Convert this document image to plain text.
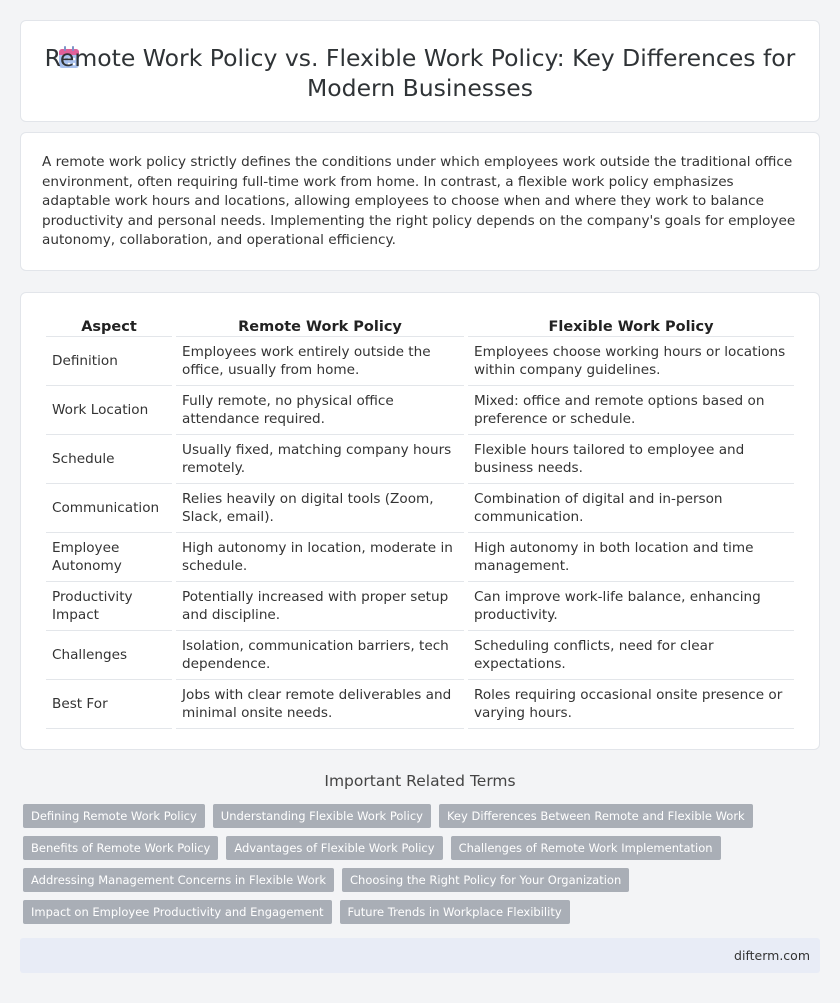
Remote Work Policy vs. Flexible Work Policy: Key Differences for Modern Businesses

A remote work policy strictly defines the conditions under which employees work outside the traditional office environment, often requiring full-time work from home. In contrast, a flexible work policy emphasizes adaptable work hours and locations, allowing employees to choose when and where they work to balance productivity and personal needs. Implementing the right policy depends on the company's goals for employee autonomy, collaboration, and operational efficiency.

Aspect	Remote Work Policy	Flexible Work Policy
Definition	Employees work entirely outside the office, usually from home.	Employees choose working hours or locations within company guidelines.
Work Location	Fully remote, no physical office attendance required.	Mixed: office and remote options based on preference or schedule.
Schedule	Usually fixed, matching company hours remotely.	Flexible hours tailored to employee and business needs.
Communication	Relies heavily on digital tools (Zoom, Slack, email).	Combination of digital and in-person communication.
Employee Autonomy	High autonomy in location, moderate in schedule.	High autonomy in both location and time management.
Productivity Impact	Potentially increased with proper setup and discipline.	Can improve work-life balance, enhancing productivity.
Challenges	Isolation, communication barriers, tech dependence.	Scheduling conflicts, need for clear expectations.
Best For	Jobs with clear remote deliverables and minimal onsite needs.	Roles requiring occasional onsite presence or varying hours.
Important Related Terms
Defining Remote Work Policy	Understanding Flexible Work Policy	Key Differences Between Remote and Flexible Work
Benefits of Remote Work Policy	Advantages of Flexible Work Policy	Challenges of Remote Work Implementation
Addressing Management Concerns in Flexible Work	Choosing the Right Policy for Your Organization
Impact on Employee Productivity and Engagement	Future Trends in Workplace Flexibility
difterm.com
